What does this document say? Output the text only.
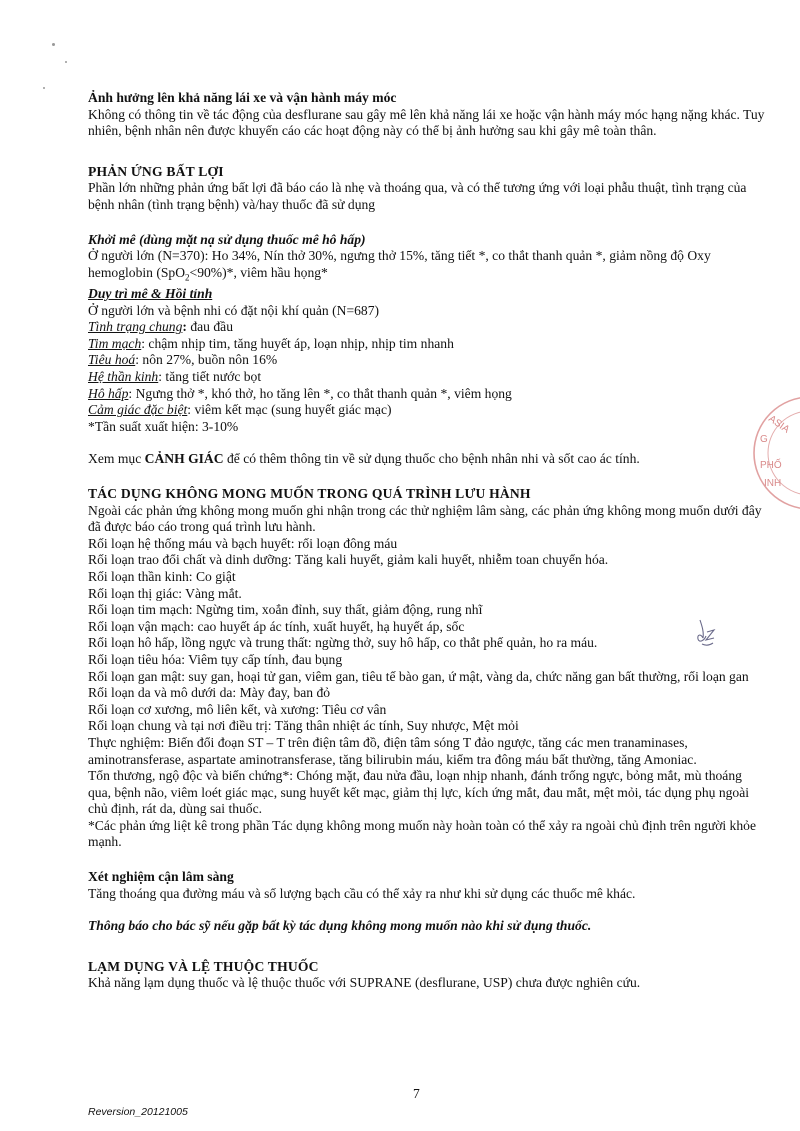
Ảnh hưởng lên khả năng lái xe và vận hành máy móc

Không có thông tin về tác động của desflurane sau gây mê lên khả năng lái xe hoặc vận hành máy móc hạng nặng khác. Tuy nhiên, bệnh nhân nên được khuyến cáo các hoạt động này có thể bị ảnh hưởng sau khi gây mê toàn thân.

PHẢN ỨNG BẤT LỢI

Phần lớn những phản ứng bất lợi đã báo cáo là nhẹ và thoáng qua, và có thể tương ứng với loại phẫu thuật, tình trạng của bệnh nhân (tình trạng bệnh) và/hay thuốc đã sử dụng

Khởi mê (dùng mặt nạ sử dụng thuốc mê hô hấp)

Ở người lớn (N=370): Ho 34%, Nín thở 30%, ngưng thở 15%, tăng tiết *, co thắt thanh quản *, giảm nồng độ Oxy hemoglobin (SpO$_2$<90%)*, viêm hầu họng*

Duy trì mê & Hồi tỉnh

Ở người lớn và bệnh nhi có đặt nội khí quản (N=687)

Tình trạng chung: đau đầu

Tim mạch: chậm nhịp tim, tăng huyết áp, loạn nhịp, nhịp tim nhanh

Tiêu hoá: nôn 27%, buồn nôn 16%

Hệ thần kinh: tăng tiết nước bọt

Hô hấp: Ngưng thở *, khó thở, ho tăng lên *, co thắt thanh quản *, viêm họng

Cảm giác đặc biệt: viêm kết mạc (sung huyết giác mạc)

*Tần suất xuất hiện: 3-10%

Xem mục CẢNH GIÁC để có thêm thông tin về sử dụng thuốc cho bệnh nhân nhi và sốt cao ác tính.

TÁC DỤNG KHÔNG MONG MUỐN TRONG QUÁ TRÌNH LƯU HÀNH

Ngoài các phản ứng không mong muốn ghi nhận trong các thử nghiệm lâm sàng, các phản ứng không mong muốn dưới đây đã được báo cáo trong quá trình lưu hành.

Rối loạn hệ thống máu và bạch huyết: rối loạn đông máu

Rối loạn trao đổi chất và dinh dưỡng: Tăng kali huyết, giảm kali huyết, nhiễm toan chuyển hóa.

Rối loạn thần kinh: Co giật

Rối loạn thị giác: Vàng mắt.

Rối loạn tim mạch: Ngừng tim, xoắn đỉnh, suy thất, giảm động, rung nhĩ

Rối loạn vận mạch: cao huyết áp ác tính, xuất huyết, hạ huyết áp, sốc

Rối loạn hô hấp, lồng ngực và trung thất: ngừng thở, suy hô hấp, co thắt phế quản, ho ra máu.

Rối loạn tiêu hóa: Viêm tụy cấp tính, đau bụng

Rối loạn gan mật: suy gan, hoại tử gan, viêm gan, tiêu tế bào gan, ứ mật, vàng da, chức năng gan bất thường, rối loạn gan

Rối loạn da và mô dưới da: Mày đay, ban đỏ

Rối loạn cơ xương, mô liên kết, và xương: Tiêu cơ vân

Rối loạn chung và tại nơi điều trị: Tăng thân nhiệt ác tính, Suy nhược, Mệt mỏi

Thực nghiệm: Biến đổi đoạn ST – T trên điện tâm đồ, điện tâm sóng T đảo ngược, tăng các men tranaminases, aminotransferase, aspartate aminotransferase, tăng bilirubin máu, kiểm tra đông máu bất thường, tăng Amoniac.

Tổn thương, ngộ độc và biến chứng*: Chóng mặt, đau nửa đầu, loạn nhịp nhanh, đánh trống ngực, bỏng mắt, mù thoáng qua, bệnh não, viêm loét giác mạc, sung huyết kết mạc, giảm thị lực, kích ứng mắt, đau mắt, mệt mỏi, tác dụng phụ ngoài chủ định, rát da, dùng sai thuốc.

*Các phản ứng liệt kê trong phần Tác dụng không mong muốn này hoàn toàn có thể xảy ra ngoài chủ định trên người khỏe mạnh.

Xét nghiệm cận lâm sàng

Tăng thoáng qua đường máu và số lượng bạch cầu có thể xảy ra như khi sử dụng các thuốc mê khác.

Thông báo cho bác sỹ nếu gặp bất kỳ tác dụng không mong muốn nào khi sử dụng thuốc.

LẠM DỤNG VÀ LỆ THUỘC THUỐC

Khả năng lạm dụng thuốc và lệ thuộc thuốc với SUPRANE (desflurane, USP) chưa được nghiên cứu.

ASIA
G
PHỐ
INH
7
Reversion_20121005
